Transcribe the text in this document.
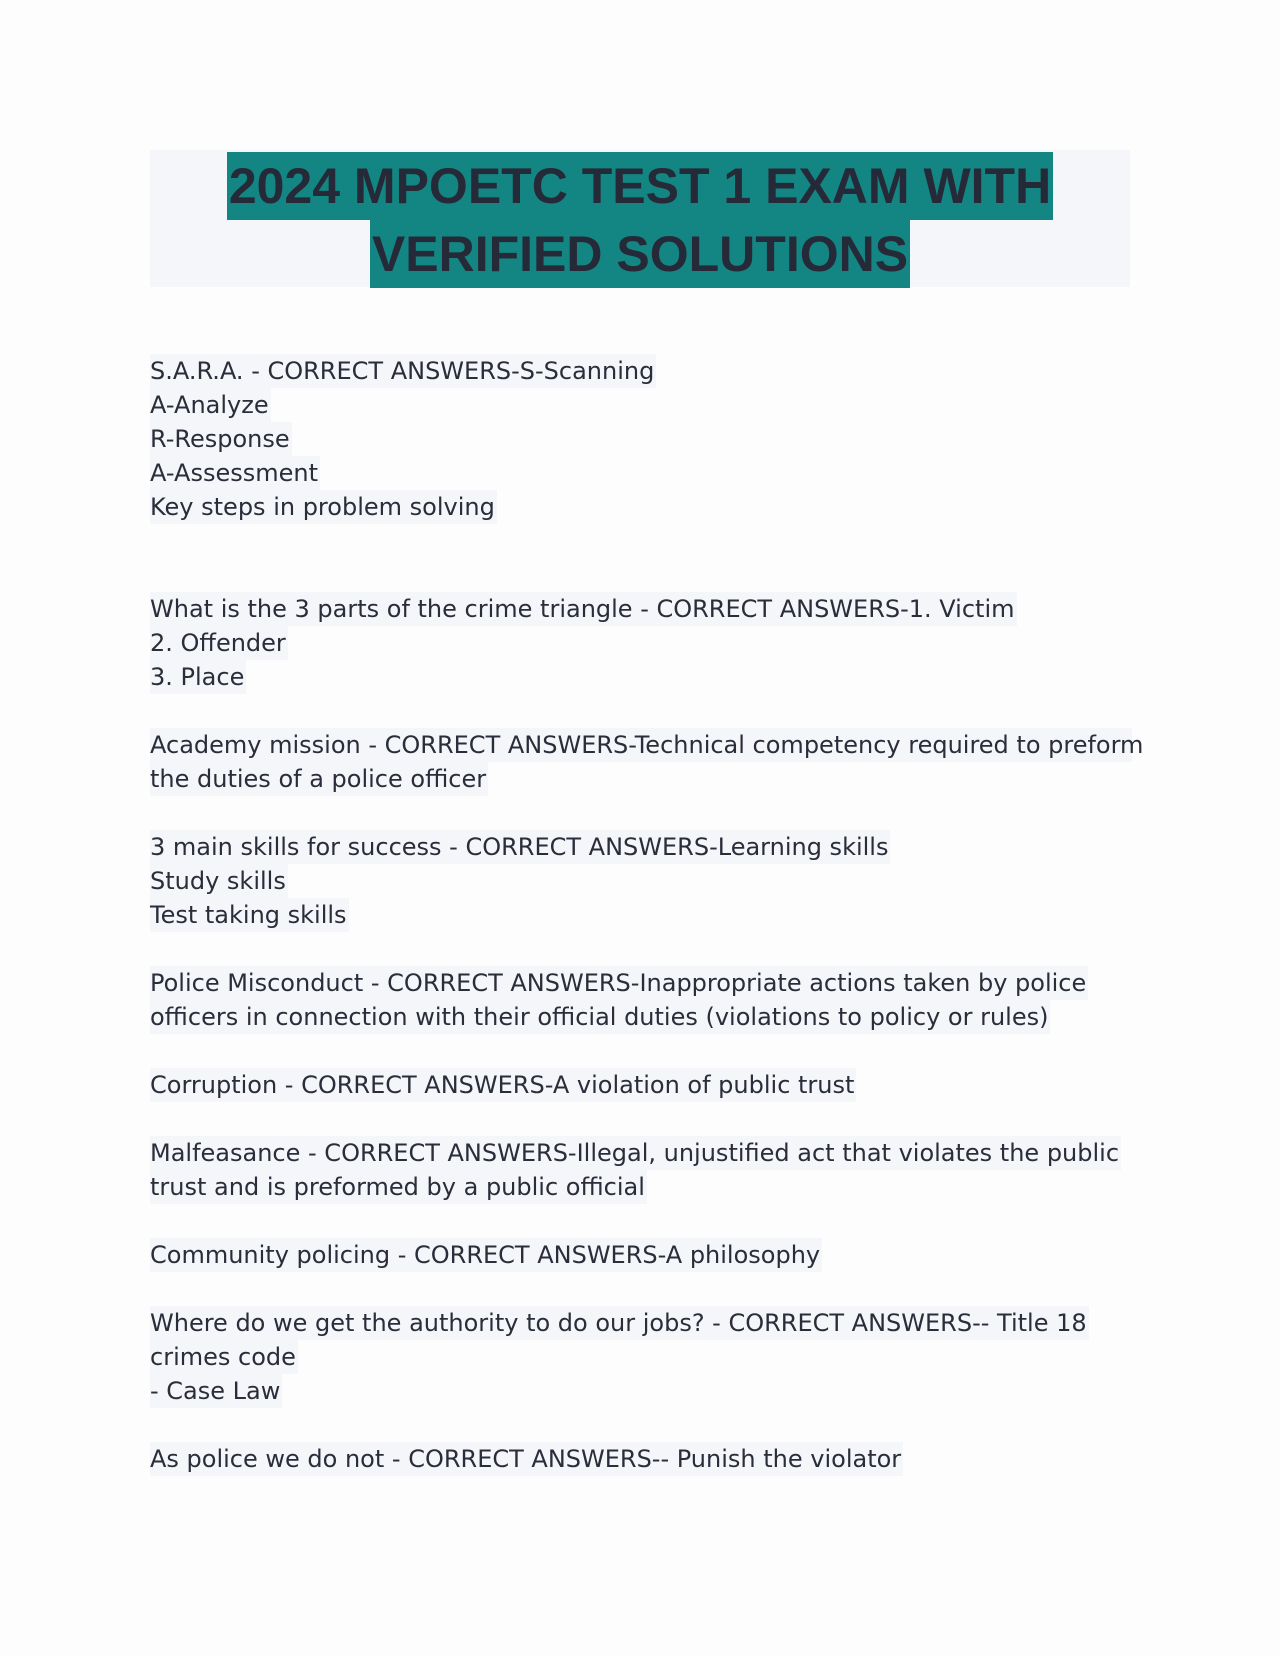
2024 MPOETC TEST 1 EXAM WITH
VERIFIED SOLUTIONS
S.A.R.A. - CORRECT ANSWERS-S-Scanning
A-Analyze
R-Response
A-Assessment
Key steps in problem solving
What is the 3 parts of the crime triangle - CORRECT ANSWERS-1. Victim
2. Offender
3. Place
Academy mission - CORRECT ANSWERS-Technical competency required to preform
the duties of a police officer
3 main skills for success - CORRECT ANSWERS-Learning skills
Study skills
Test taking skills
Police Misconduct - CORRECT ANSWERS-Inappropriate actions taken by police
officers in connection with their official duties (violations to policy or rules)
Corruption - CORRECT ANSWERS-A violation of public trust
Malfeasance - CORRECT ANSWERS-Illegal, unjustified act that violates the public
trust and is preformed by a public official
Community policing - CORRECT ANSWERS-A philosophy
Where do we get the authority to do our jobs? - CORRECT ANSWERS-- Title 18
crimes code
- Case Law
As police we do not - CORRECT ANSWERS-- Punish the violator
